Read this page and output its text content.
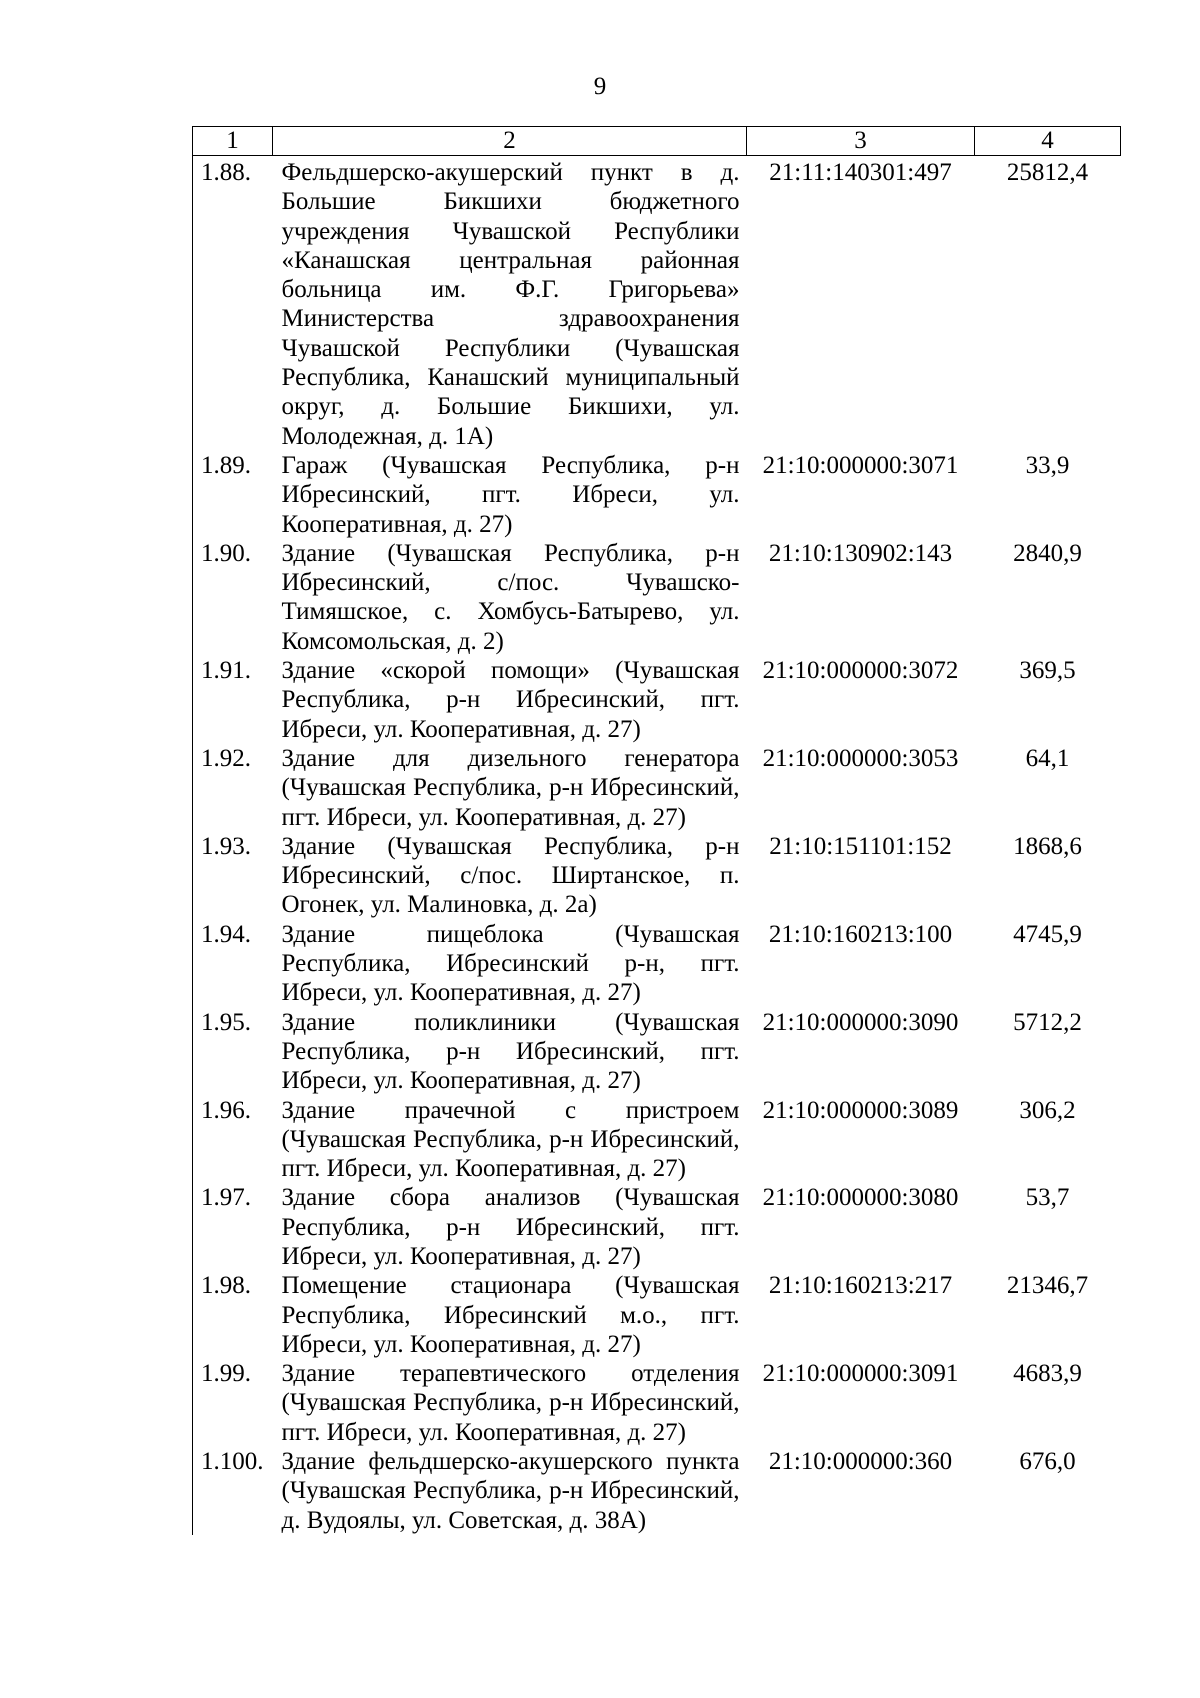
9
1	2	3	4
1.88.	Фельдшерско-акушерский пункт в д. Большие Бикшихи бюджетного учреждения Чувашской Республики «Канашская центральная районная больница им. Ф.Г. Григорьева» Министерства здравоохранения Чувашской Республики (Чувашская Республика, Канашский муниципальный округ, д. Большие Бикшихи, ул. Молодежная, д. 1А)	21:11:140301:497	25812,4
1.89.	Гараж (Чувашская Республика, р-н Ибресинский, пгт. Ибреси, ул. Кооперативная, д. 27)	21:10:000000:3071	33,9
1.90.	Здание (Чувашская Республика, р-н Ибресинский, с/пос. Чувашско-Тимяшское, с. Хомбусь-Батырево, ул. Комсомольская, д. 2)	21:10:130902:143	2840,9
1.91.	Здание «скорой помощи» (Чувашская Республика, р-н Ибресинский, пгт. Ибреси, ул. Кооперативная, д. 27)	21:10:000000:3072	369,5
1.92.	Здание для дизельного генератора (Чувашская Республика, р-н Ибресинский, пгт. Ибреси, ул. Кооперативная, д. 27)	21:10:000000:3053	64,1
1.93.	Здание (Чувашская Республика, р-н Ибресинский, с/пос. Ширтанское, п. Огонек, ул. Малиновка, д. 2а)	21:10:151101:152	1868,6
1.94.	Здание пищеблока (Чувашская Республика, Ибресинский р-н, пгт. Ибреси, ул. Кооперативная, д. 27)	21:10:160213:100	4745,9
1.95.	Здание поликлиники (Чувашская Республика, р-н Ибресинский, пгт. Ибреси, ул. Кооперативная, д. 27)	21:10:000000:3090	5712,2
1.96.	Здание прачечной с пристроем (Чувашская Республика, р-н Ибресинский, пгт. Ибреси, ул. Кооперативная, д. 27)	21:10:000000:3089	306,2
1.97.	Здание сбора анализов (Чувашская Республика, р-н Ибресинский, пгт. Ибреси, ул. Кооперативная, д. 27)	21:10:000000:3080	53,7
1.98.	Помещение стационара (Чувашская Республика, Ибресинский м.о., пгт. Ибреси, ул. Кооперативная, д. 27)	21:10:160213:217	21346,7
1.99.	Здание терапевтического отделения (Чувашская Республика, р-н Ибресинский, пгт. Ибреси, ул. Кооперативная, д. 27)	21:10:000000:3091	4683,9
1.100.	Здание фельдшерско-акушерского пункта (Чувашская Республика, р-н Ибресинский, д. Вудоялы, ул. Советская, д. 38А)	21:10:000000:360	676,0
